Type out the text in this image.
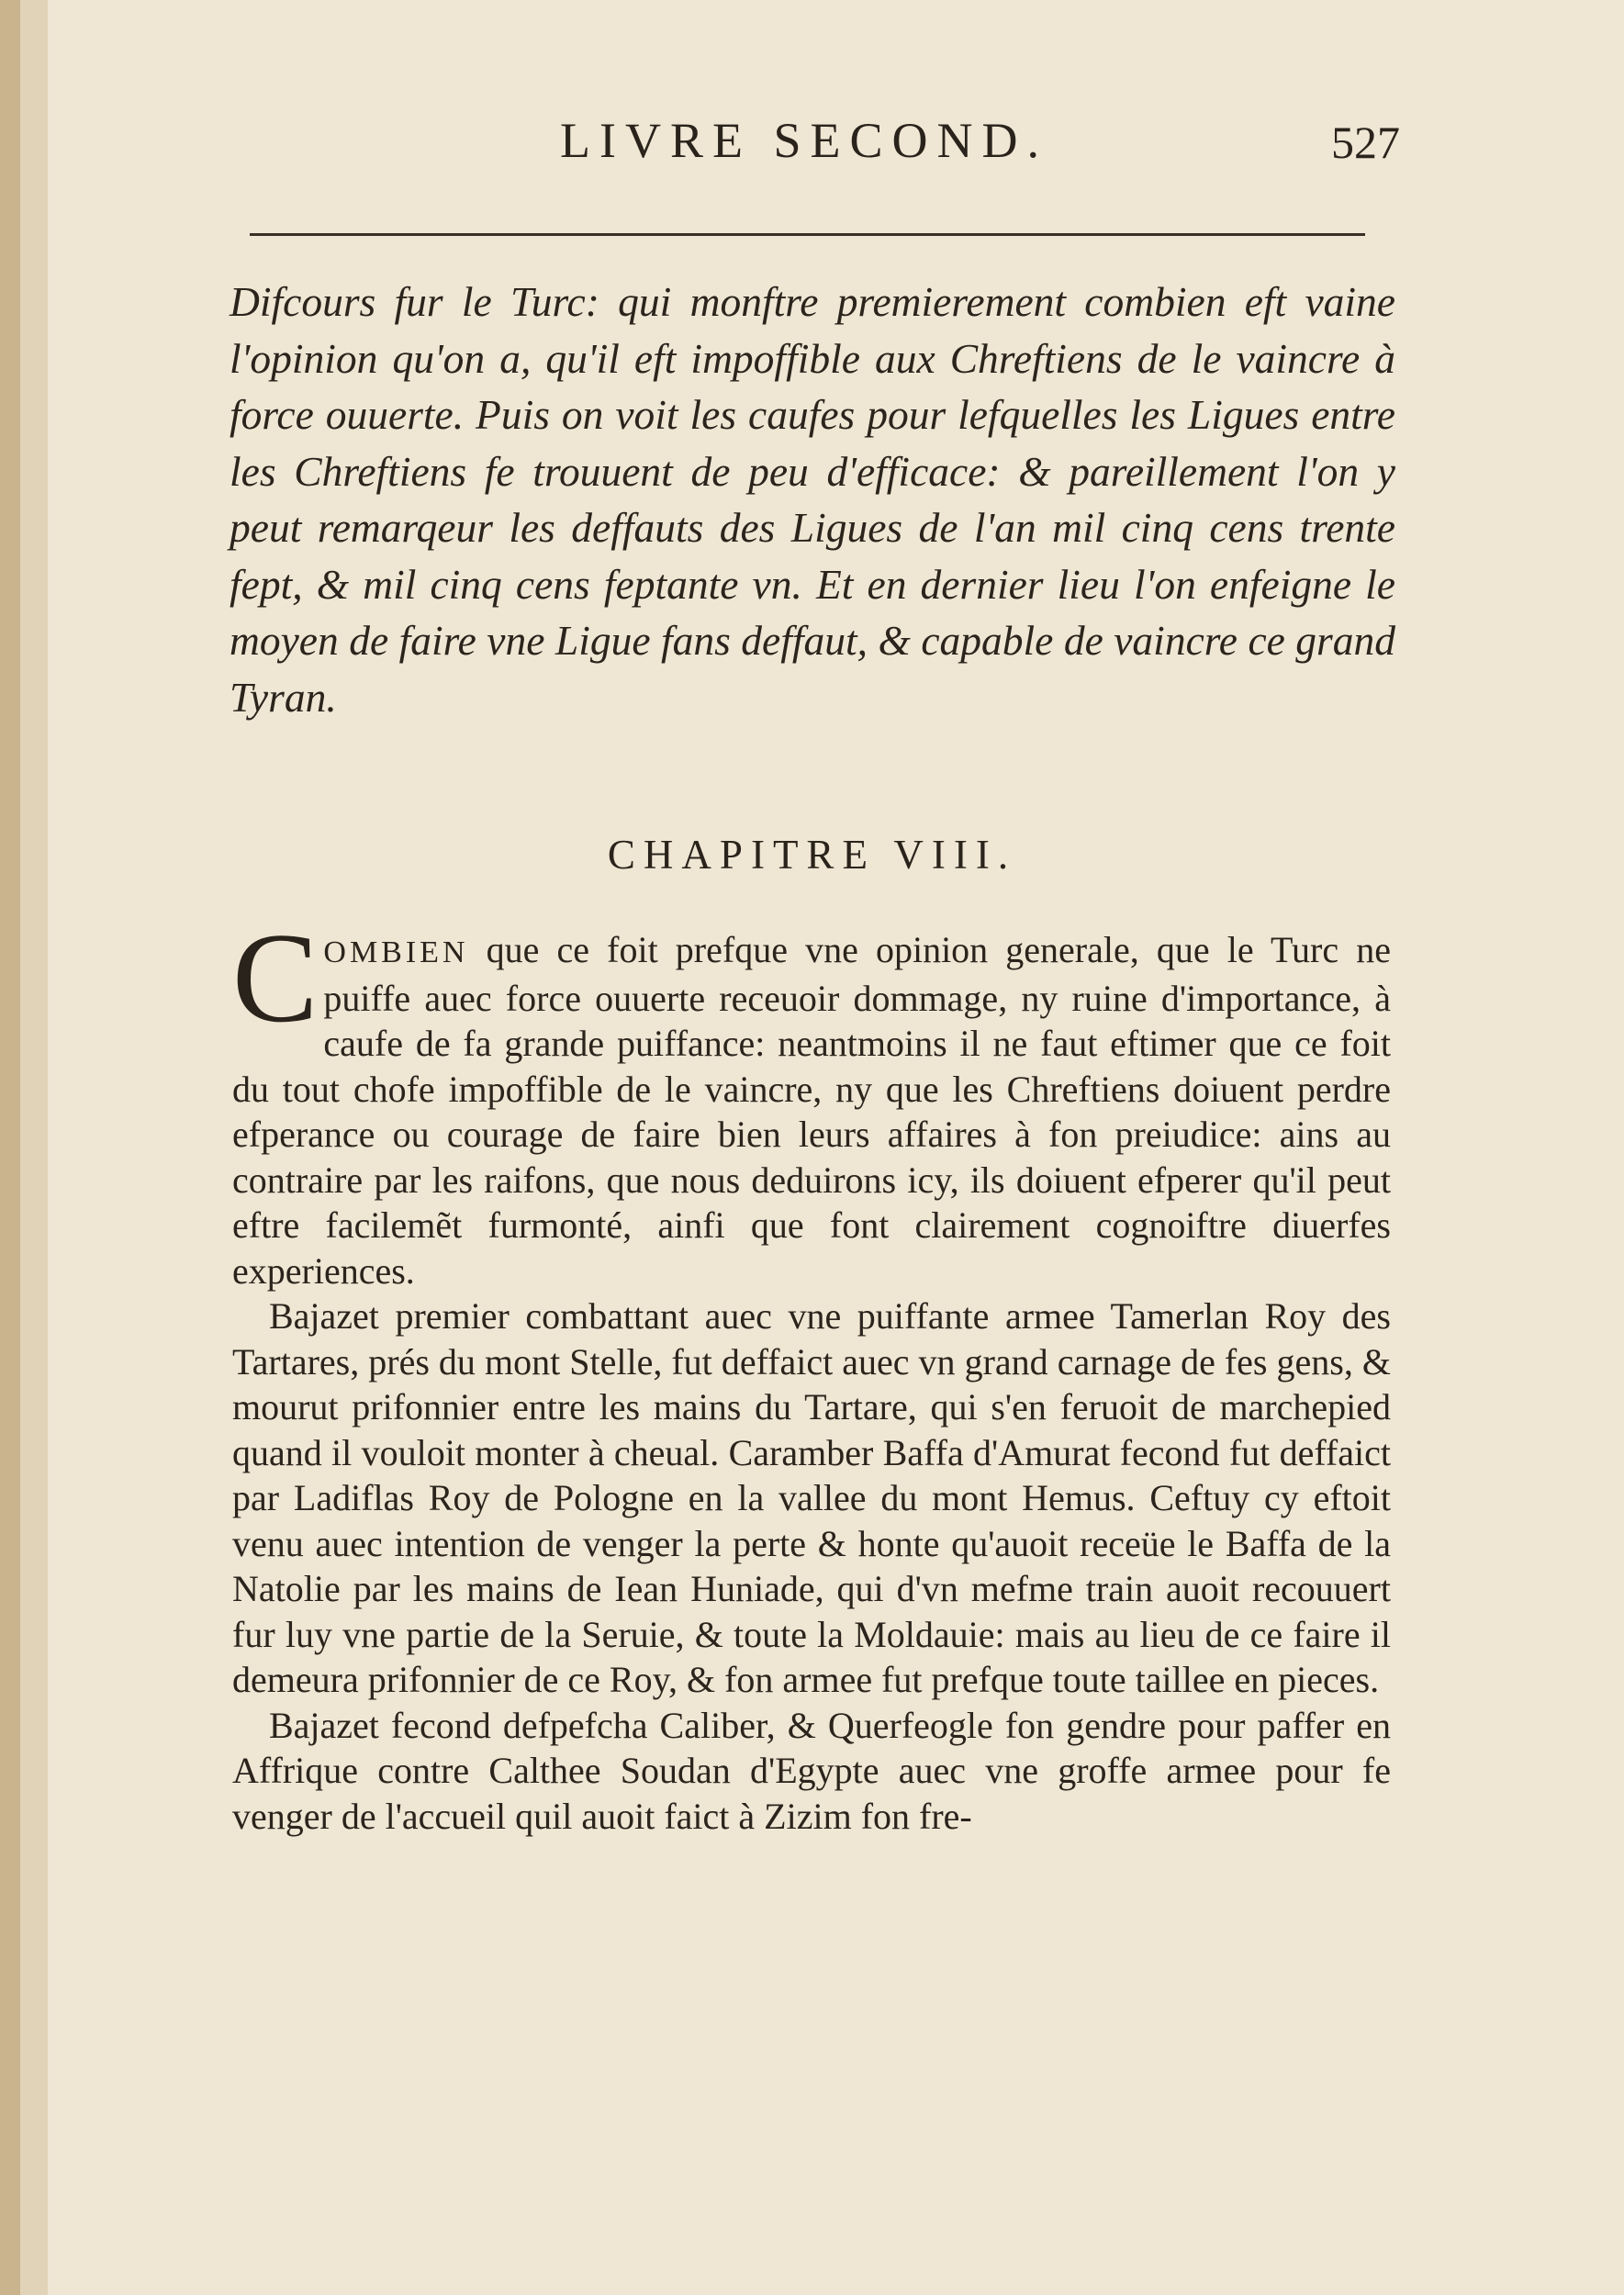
LIVRE SECOND.	527

Difcours fur le Turc: qui monftre premierement combien eft vaine l'opinion qu'on a, qu'il eft impoffible aux Chreftiens de le vaincre à force ouuerte. Puis on voit les caufes pour lefquelles les Ligues entre les Chreftiens fe trouuent de peu d'efficace: & pareillement l'on y peut remarqeur les deffauts des Ligues de l'an mil cinq cens trente fept, & mil cinq cens feptante vn. Et en dernier lieu l'on enfeigne le moyen de faire vne Ligue fans deffaut, & capable de vaincre ce grand Tyran.

CHAPITRE VIII.

COMBIEN que ce foit prefque vne opinion generale, que le Turc ne puiffe auec force ouuerte receuoir dommage, ny ruine d'importance, à caufe de fa grande puiffance: neantmoins il ne faut eftimer que ce foit du tout chofe impoffible de le vaincre, ny que les Chreftiens doiuent perdre efperance ou courage de faire bien leurs affaires à fon preiudice: ains au contraire par les raifons, que nous deduirons icy, ils doiuent efperer qu'il peut eftre facilemẽt furmonté, ainfi que font clairement cognoiftre diuerfes experiences.

Bajazet premier combattant auec vne puiffante armee Tamerlan Roy des Tartares, prés du mont Stelle, fut deffaict auec vn grand carnage de fes gens, & mourut prifonnier entre les mains du Tartare, qui s'en feruoit de marchepied quand il vouloit monter à cheual. Caramber Baffa d'Amurat fecond fut deffaict par Ladiflas Roy de Pologne en la vallee du mont Hemus. Ceftuy cy eftoit venu auec intention de venger la perte & honte qu'auoit receüe le Baffa de la Natolie par les mains de Iean Huniade, qui d'vn mefme train auoit recouuert fur luy vne partie de la Seruie, & toute la Moldauie: mais au lieu de ce faire il demeura prifonnier de ce Roy, & fon armee fut prefque toute taillee en pieces.

Bajazet fecond defpefcha Caliber, & Querfeogle fon gendre pour paffer en Affrique contre Calthee Soudan d'Egypte auec vne groffe armee pour fe venger de l'accueil quil auoit faict à Zizim fon fre-
